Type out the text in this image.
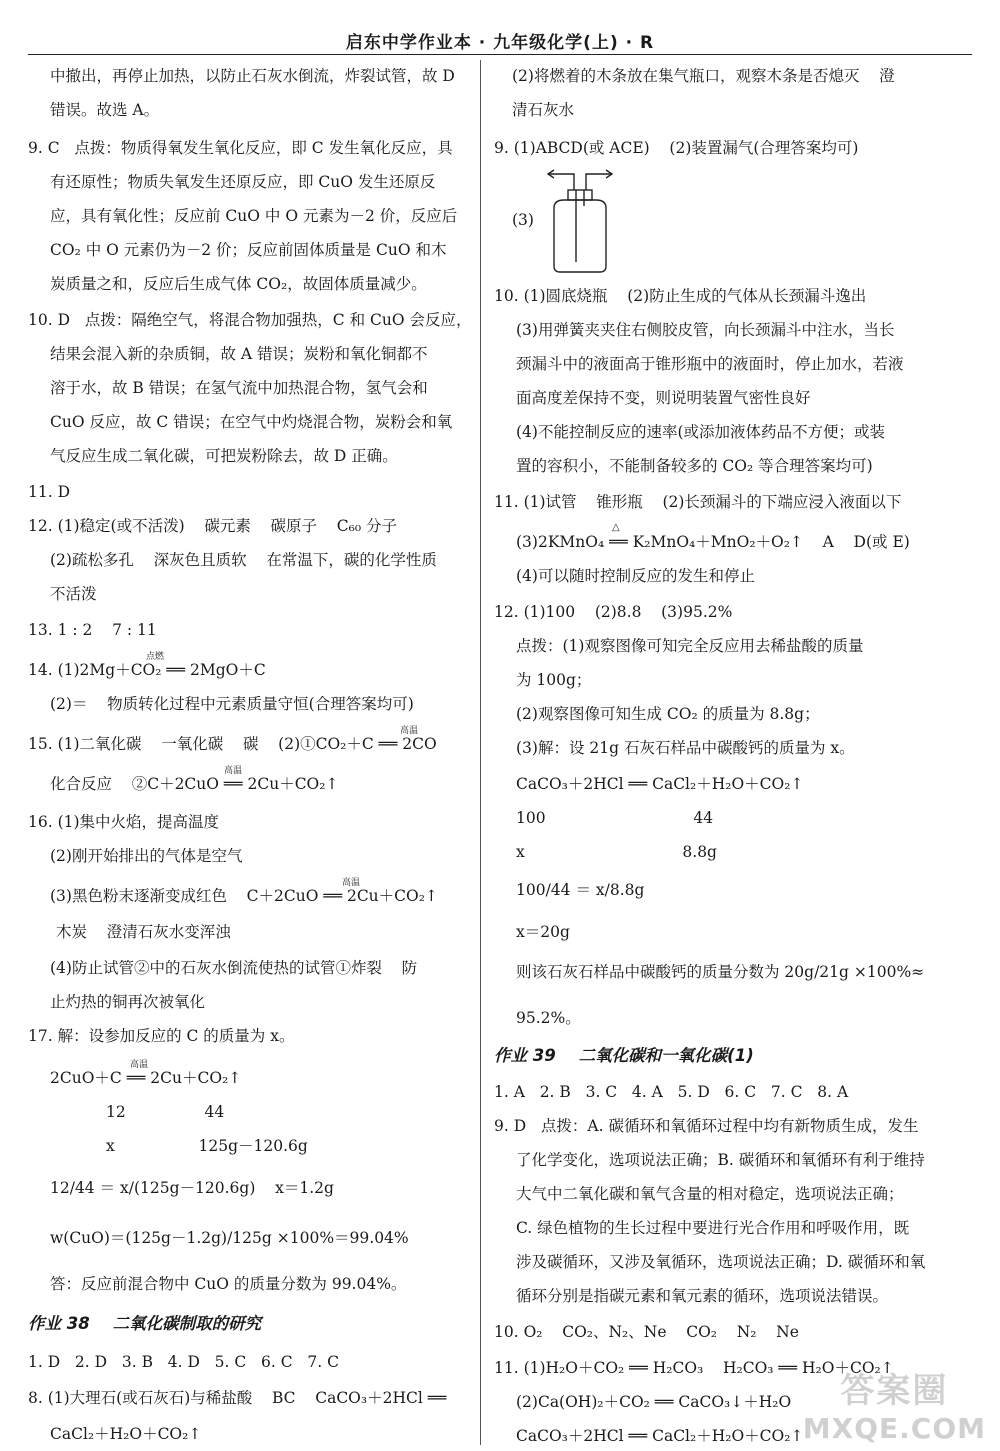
启东中学作业本 · 九年级化学(上) · R
中撤出，再停止加热，以防止石灰水倒流，炸裂试管，故 D
错误。故选 A。
9. C   点拨：物质得氧发生氧化反应，即 C 发生氧化反应，具
有还原性；物质失氧发生还原反应，即 CuO 发生还原反
应，具有氧化性；反应前 CuO 中 O 元素为－2 价，反应后
CO₂ 中 O 元素仍为－2 价；反应前固体质量是 CuO 和木
炭质量之和，反应后生成气体 CO₂，故固体质量减少。
10. D   点拨：隔绝空气，将混合物加强热，C 和 CuO 会反应，
结果会混入新的杂质铜，故 A 错误；炭粉和氧化铜都不
溶于水，故 B 错误；在氢气流中加热混合物，氢气会和
CuO 反应，故 C 错误；在空气中灼烧混合物，炭粉会和氧
气反应生成二氧化碳，可把炭粉除去，故 D 正确。
11. D
12. (1)稳定(或不活泼)    碳元素    碳原子    C₆₀ 分子
(2)疏松多孔    深灰色且质软    在常温下，碳的化学性质
不活泼
13. 1 : 2    7 : 11
14. (1)2Mg＋CO₂ ══ 2MgO＋C
点燃
(2)＝    物质转化过程中元素质量守恒(合理答案均可)
15. (1)二氧化碳    一氧化碳    碳    (2)①CO₂＋C ══ 2CO
高温
化合反应    ②C＋2CuO ══ 2Cu＋CO₂↑
高温
16. (1)集中火焰，提高温度
(2)刚开始排出的气体是空气
(3)黑色粉末逐渐变成红色    C＋2CuO ══ 2Cu＋CO₂↑
高温
木炭    澄清石灰水变浑浊
(4)防止试管②中的石灰水倒流使热的试管①炸裂    防
止灼热的铜再次被氧化
17. 解：设参加反应的 C 的质量为 x。
2CuO＋C ══ 2Cu＋CO₂↑
高温
12                44
x                 125g－120.6g
12/44 ＝ x/(125g－120.6g)    x＝1.2g
w(CuO)＝(125g－1.2g)/125g ×100%＝99.04%
答：反应前混合物中 CuO 的质量分数为 99.04%。
作业 38    二氧化碳制取的研究
1. D   2. D   3. B   4. D   5. C   6. C   7. C
8. (1)大理石(或石灰石)与稀盐酸    BC    CaCO₃＋2HCl ══
CaCl₂＋H₂O＋CO₂↑
(2)将燃着的木条放在集气瓶口，观察木条是否熄灭    澄
清石灰水
9. (1)ABCD(或 ACE)    (2)装置漏气(合理答案均可)
(3)
10. (1)圆底烧瓶    (2)防止生成的气体从长颈漏斗逸出
(3)用弹簧夹夹住右侧胶皮管，向长颈漏斗中注水，当长
颈漏斗中的液面高于锥形瓶中的液面时，停止加水，若液
面高度差保持不变，则说明装置气密性良好
(4)不能控制反应的速率(或添加液体药品不方便；或装
置的容积小，不能制备较多的 CO₂ 等合理答案均可)
11. (1)试管    锥形瓶    (2)长颈漏斗的下端应浸入液面以下
(3)2KMnO₄ ══ K₂MnO₄＋MnO₂＋O₂↑    A    D(或 E)
△
(4)可以随时控制反应的发生和停止
12. (1)100    (2)8.8    (3)95.2%
点拨：(1)观察图像可知完全反应用去稀盐酸的质量
为 100g；
(2)观察图像可知生成 CO₂ 的质量为 8.8g；
(3)解：设 21g 石灰石样品中碳酸钙的质量为 x。
CaCO₃＋2HCl ══ CaCl₂＋H₂O＋CO₂↑
100                              44
x                                8.8g
100/44 ＝ x/8.8g
x＝20g
则该石灰石样品中碳酸钙的质量分数为 20g/21g ×100%≈
95.2%。
作业 39    二氧化碳和一氧化碳(1)
1. A   2. B   3. C   4. A   5. D   6. C   7. C   8. A
9. D   点拨：A. 碳循环和氧循环过程中均有新物质生成，发生
了化学变化，选项说法正确；B. 碳循环和氧循环有利于维持
大气中二氧化碳和氧气含量的相对稳定，选项说法正确；
C. 绿色植物的生长过程中要进行光合作用和呼吸作用，既
涉及碳循环，又涉及氧循环，选项说法正确；D. 碳循环和氧
循环分别是指碳元素和氧元素的循环，选项说法错误。
10. O₂    CO₂、N₂、Ne    CO₂    N₂    Ne
11. (1)H₂O＋CO₂ ══ H₂CO₃    H₂CO₃ ══ H₂O＋CO₂↑
(2)Ca(OH)₂＋CO₂ ══ CaCO₃↓＋H₂O
CaCO₃＋2HCl ══ CaCl₂＋H₂O＋CO₂↑
答案圈
MXQE.COM
